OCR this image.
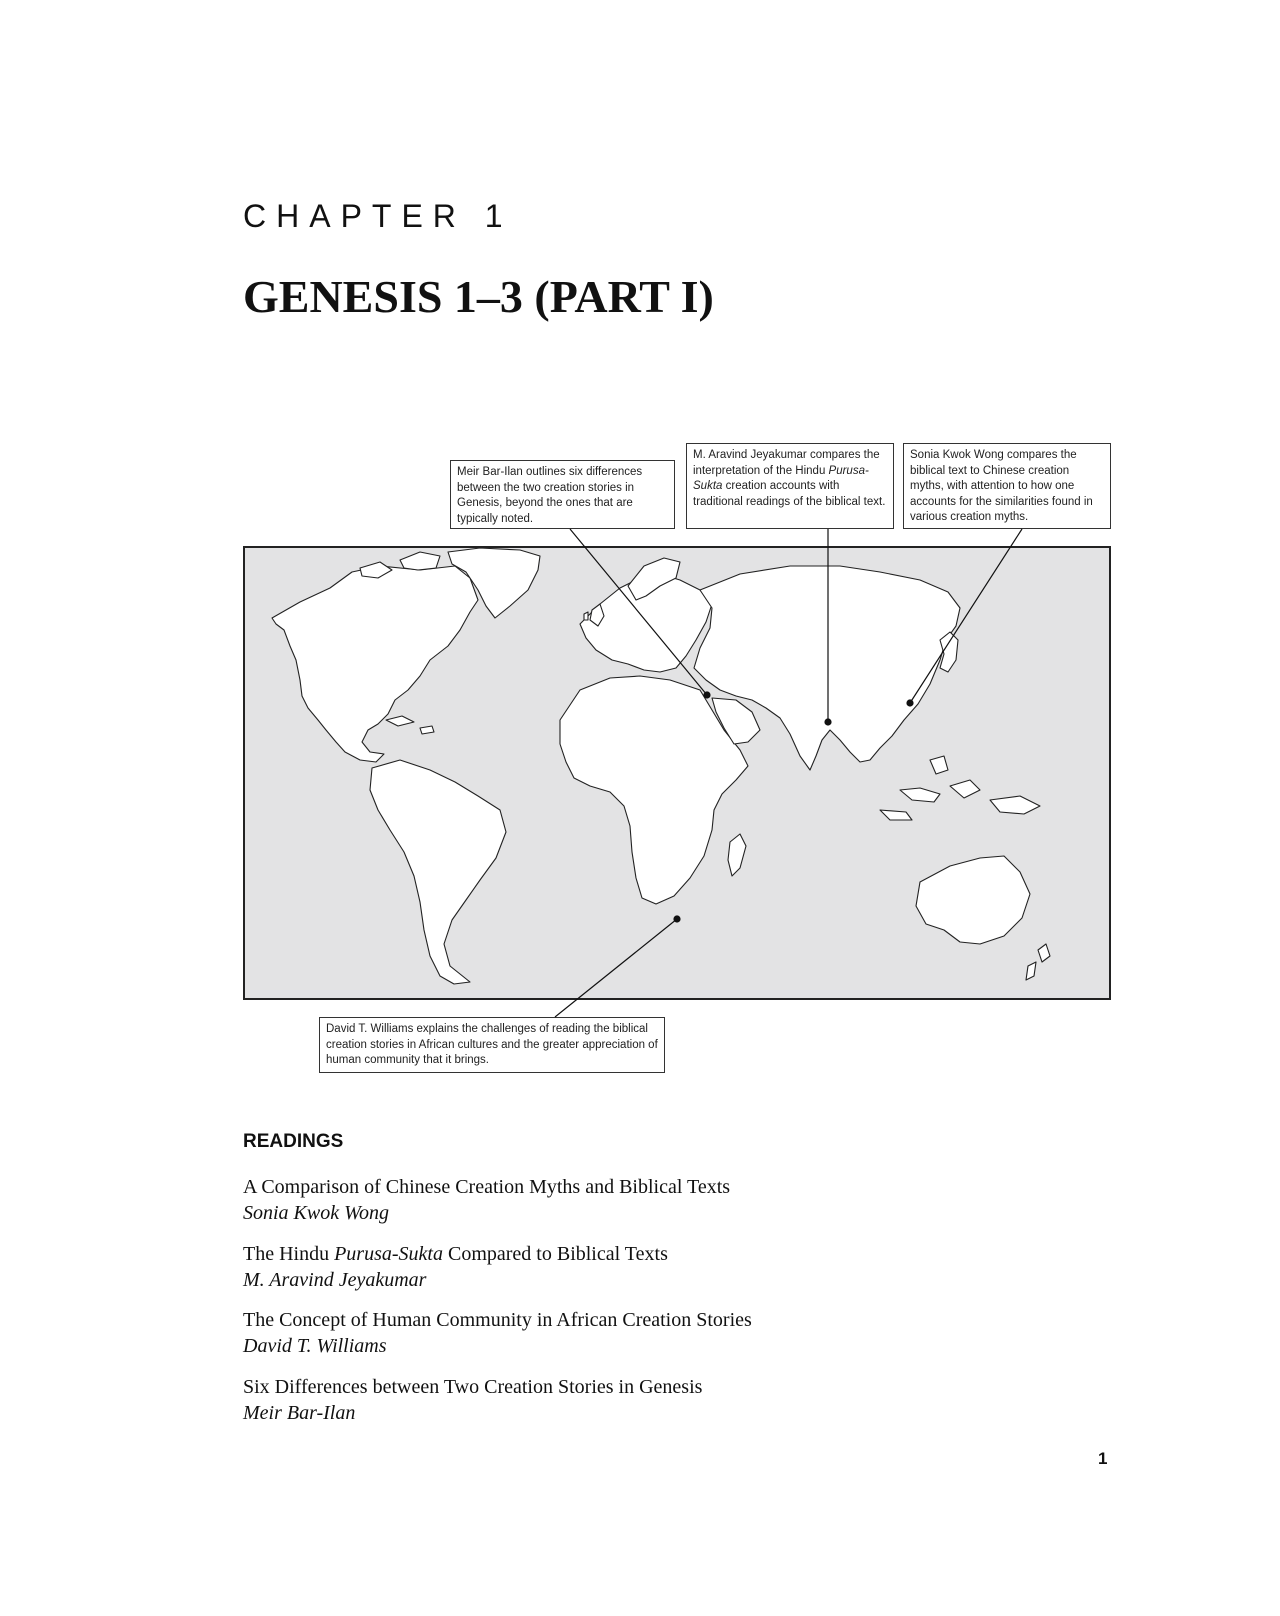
CHAPTER 1
GENESIS 1–3 (PART I)
Meir Bar-Ilan outlines six differences between the two creation stories in Genesis, beyond the ones that are typically noted.
M. Aravind Jeyakumar compares the interpretation of the Hindu Purusa-Sukta creation accounts with traditional readings of the biblical text.
Sonia Kwok Wong compares the biblical text to Chinese creation myths, with attention to how one accounts for the similarities found in various creation myths.
David T. Williams explains the challenges of reading the biblical creation stories in African cultures and the greater appreciation of human community that it brings.
READINGS
A Comparison of Chinese Creation Myths and Biblical Texts
Sonia Kwok Wong
The Hindu Purusa-Sukta Compared to Biblical Texts
M. Aravind Jeyakumar
The Concept of Human Community in African Creation Stories
David T. Williams
Six Differences between Two Creation Stories in Genesis
Meir Bar-Ilan
1
